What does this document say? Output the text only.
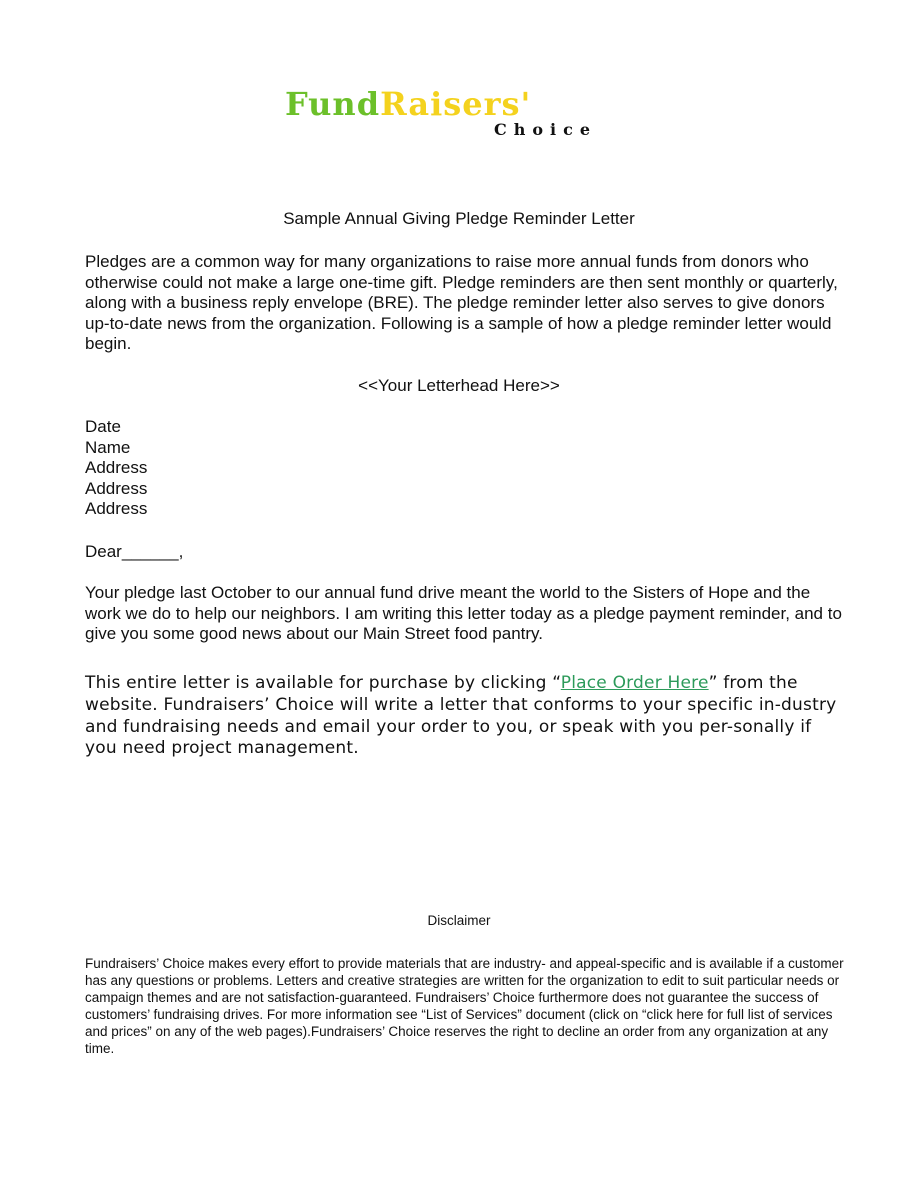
FundRaisers'
Choice
Sample Annual Giving Pledge Reminder Letter
Pledges are a common way for many organizations to raise more annual funds from donors who otherwise could not make a large one-time gift. Pledge reminders are then sent monthly or quarterly, along with a business reply envelope (BRE). The pledge reminder letter also serves to give donors up-to-date news from the organization. Following is a sample of how a pledge reminder letter would begin.
<<Your Letterhead Here>>
Date
Name
Address
Address
Address
Dear______,
Your pledge last October to our annual fund drive meant the world to the Sisters of Hope and the work we do to help our neighbors. I am writing this letter today as a pledge payment reminder, and to give you some good news about our Main Street food pantry.
This entire letter is available for purchase by clicking “Place Order Here” from the website. Fundraisers’ Choice will write a letter that conforms to your specific in-dustry and fundraising needs and email your order to you, or speak with you per-sonally if you need project management.
Disclaimer
Fundraisers’ Choice makes every effort to provide materials that are industry- and appeal-specific and is available if a customer has any questions or problems. Letters and creative strategies are written for the organization to edit to suit particular needs or campaign themes and are not satisfaction-guaranteed. Fundraisers’ Choice furthermore does not guarantee the success of customers’ fundraising drives. For more information see “List of Services” document (click on “click here for full list of services and prices” on any of the web pages).Fundraisers’ Choice reserves the right to decline an order from any organization at any time.
